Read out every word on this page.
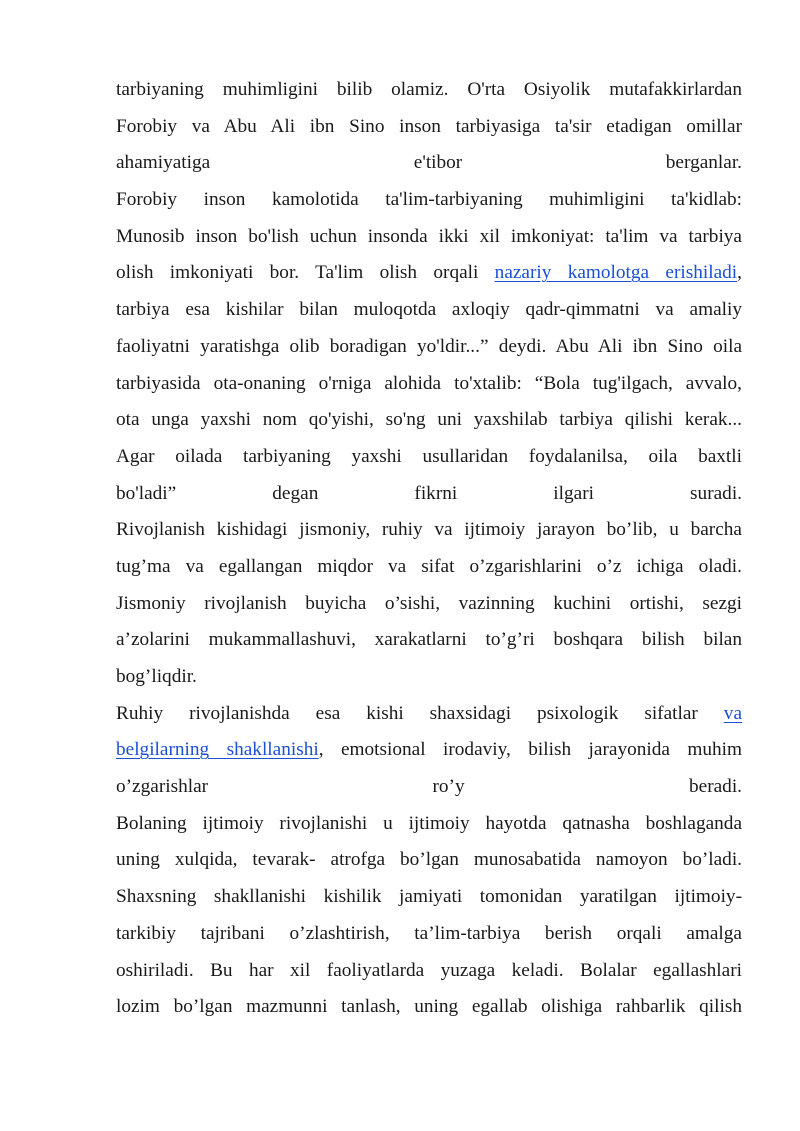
tarbiyaning muhimligini bilib olamiz. O'rta Osiyolik mutafakkirlardan
Forobiy va Abu Ali ibn Sino inson tarbiyasiga ta'sir etadigan omillar
ahamiyatiga e'tibor berganlar.
Forobiy inson kamolotida ta'lim-tarbiyaning muhimligini ta'kidlab:
Munosib inson bo'lish uchun insonda ikki xil imkoniyat: ta'lim va tarbiya
olish imkoniyati bor. Ta'lim olish orqali nazariy kamolotga erishiladi,
tarbiya esa kishilar bilan muloqotda axloqiy qadr-qimmatni va amaliy
faoliyatni yaratishga olib boradigan yo'ldir...” deydi. Abu Ali ibn Sino oila
tarbiyasida ota-onaning o'rniga alohida to'xtalib: “Bola tug'ilgach, avvalo,
ota unga yaxshi nom qo'yishi, so'ng uni yaxshilab tarbiya qilishi kerak...
Agar oilada tarbiyaning yaxshi usullaridan foydalanilsa, oila baxtli
bo'ladi” degan fikrni ilgari suradi.
Rivojlanish kishidagi jismoniy, ruhiy va ijtimoiy jarayon bo’lib, u barcha
tug’ma va egallangan miqdor va sifat o’zgarishlarini o’z ichiga oladi.
Jismoniy rivojlanish buyicha o’sishi, vazinning kuchini ortishi, sezgi
a’zolarini mukammallashuvi, xarakatlarni to’g’ri boshqara bilish bilan
bog’liqdir.
Ruhiy rivojlanishda esa kishi shaxsidagi psixologik sifatlar va
belgilarning shakllanishi, emotsional irodaviy, bilish jarayonida muhim
o’zgarishlar ro’y beradi.
Bolaning ijtimoiy rivojlanishi u ijtimoiy hayotda qatnasha boshlaganda
uning xulqida, tevarak- atrofga bo’lgan munosabatida namoyon bo’ladi.
Shaxsning shakllanishi kishilik jamiyati tomonidan yaratilgan ijtimoiy-
tarkibiy tajribani o’zlashtirish, ta’lim-tarbiya berish orqali amalga
oshiriladi. Bu har xil faoliyatlarda yuzaga keladi. Bolalar egallashlari
lozim bo’lgan mazmunni tanlash, uning egallab olishiga rahbarlik qilish
